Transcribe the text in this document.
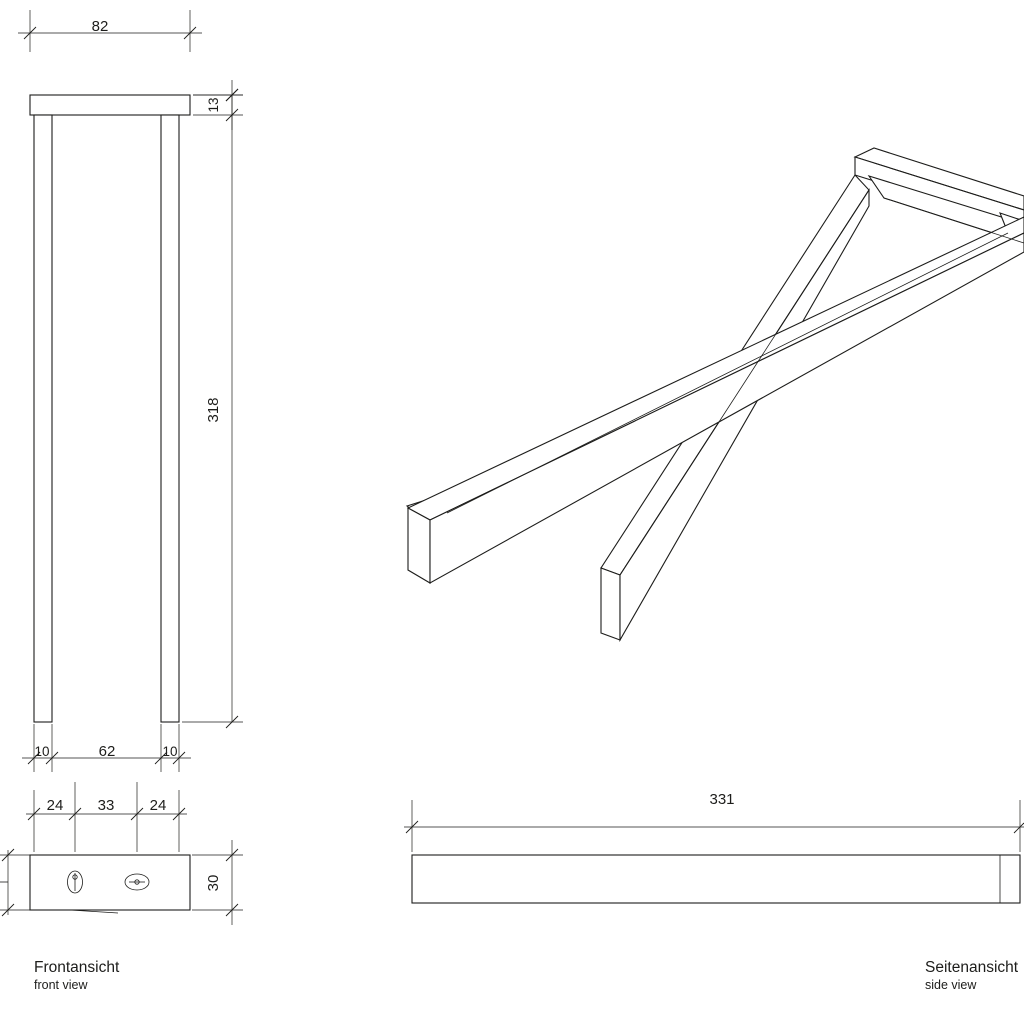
82
13
318
10	62	10
24 33 24
30
331
Frontansicht
front view
Seitenansicht
side view
